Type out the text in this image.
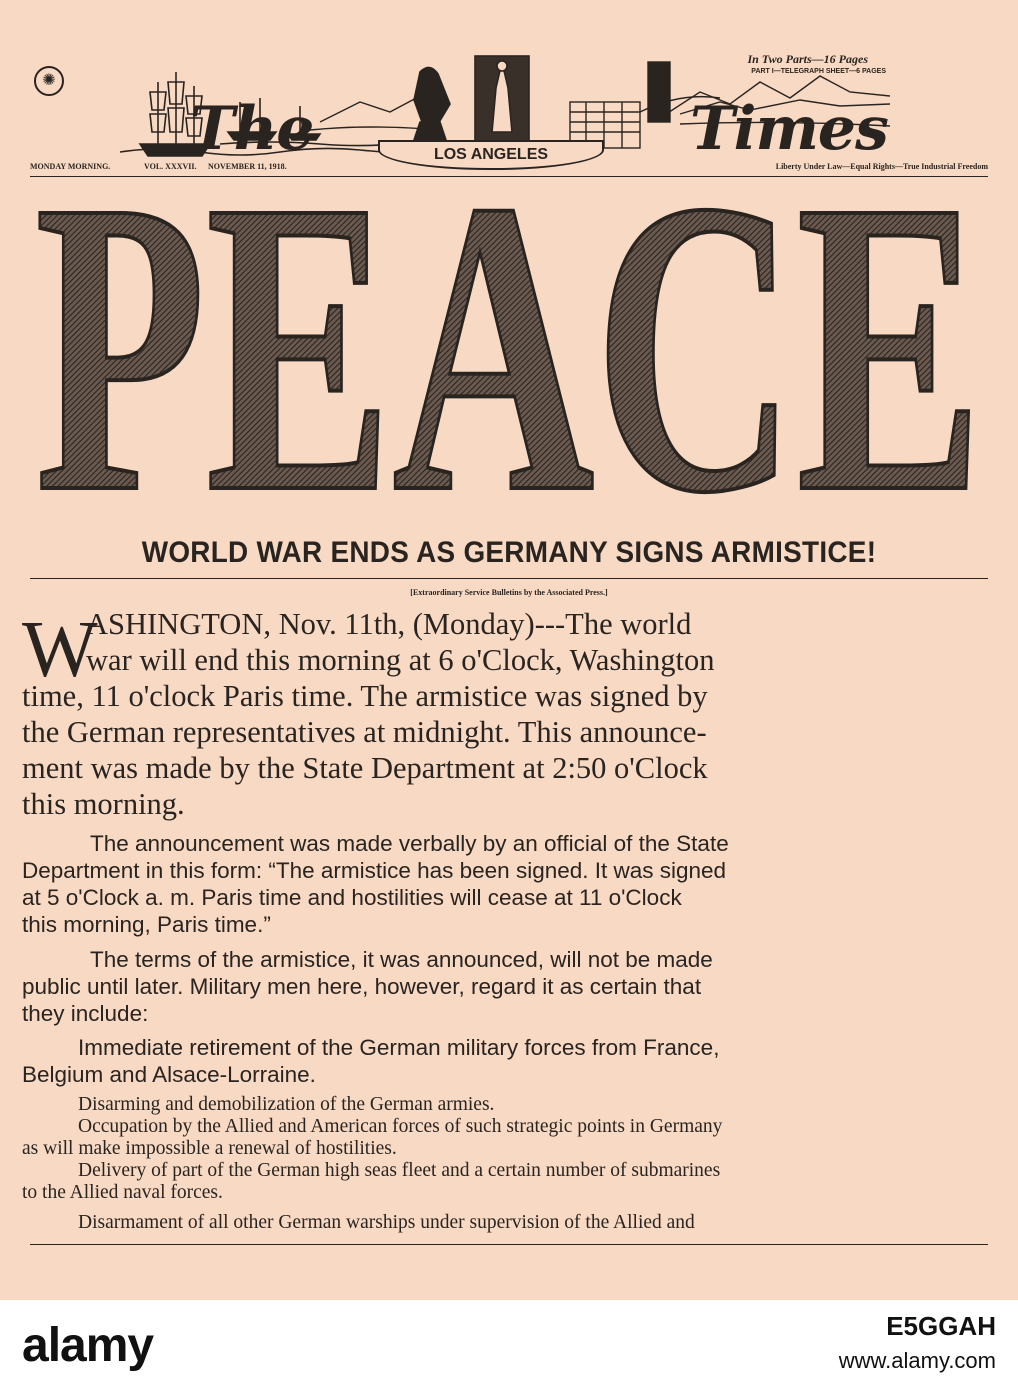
✺
The	Times
LOS ANGELES
In Two Parts—16 Pages
PART I—TELEGRAPH SHEET—6 PAGES
MONDAY MORNING.	VOL. XXXVII. NOVEMBER 11, 1918.	Liberty Under Law—Equal Rights—True Industrial Freedom
PEACE
WORLD WAR ENDS AS GERMANY SIGNS ARMISTICE!
[Extraordinary Service Bulletins by the Associated Press.]
W
ASHINGTON, Nov. 11th, (Monday)---The world
war will end this morning at 6 o'Clock, Washington
time, 11 o'clock Paris time. The armistice was signed by
the German representatives at midnight. This announce-
ment was made by the State Department at 2:50 o'Clock
this morning.
The announcement was made verbally by an official of the State
Department in this form: “The armistice has been signed. It was signed
at 5 o'Clock a. m. Paris time and hostilities will cease at 11 o'Clock
this morning, Paris time.”
The terms of the armistice, it was announced, will not be made
public until later. Military men here, however, regard it as certain that
they include:
Immediate retirement of the German military forces from France,
Belgium and Alsace-Lorraine.
Disarming and demobilization of the German armies.
Occupation by the Allied and American forces of such strategic points in Germany
as will make impossible a renewal of hostilities.
Delivery of part of the German high seas fleet and a certain number of submarines
to the Allied naval forces.
Disarmament of all other German warships under supervision of the Allied and
alamy	E5GGAH
www.alamy.com
